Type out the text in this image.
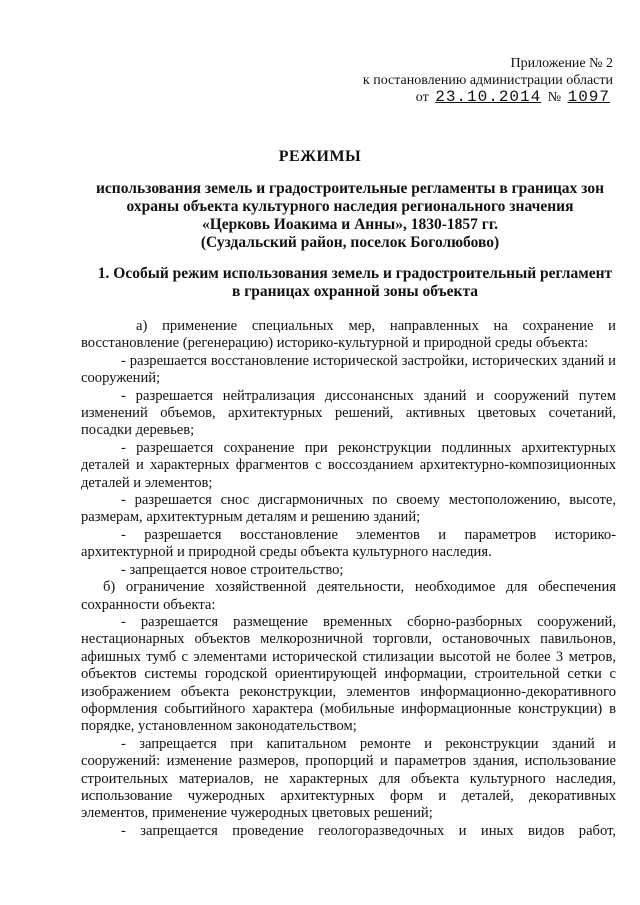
Приложение № 2
к постановлению администрации области
от 23.10.2014 № 1097
РЕЖИМЫ
использования земель и градостроительные регламенты в границах зон
охраны объекта культурного наследия регионального значения
«Церковь Иоакима и Анны», 1830-1857 гг.
(Суздальский район, поселок Боголюбово)
1. Особый режим использования земель и градостроительный регламент
в границах охранной зоны объекта

а) применение специальных мер, направленных на сохранение и восстановление (регенерацию) историко-культурной и природной среды объекта:

- разрешается восстановление исторической застройки, исторических зданий и сооружений;

- разрешается нейтрализация диссонансных зданий и сооружений путем изменений объемов, архитектурных решений, активных цветовых сочетаний, посадки деревьев;

- разрешается сохранение при реконструкции подлинных архитектурных деталей и характерных фрагментов с воссозданием архитектурно-композиционных деталей и элементов;

- разрешается снос дисгармоничных по своему местоположению, высоте, размерам, архитектурным деталям и решению зданий;

- разрешается восстановление элементов и параметров историко-архитектурной и природной среды объекта культурного наследия.

- запрещается новое строительство;

б) ограничение хозяйственной деятельности, необходимое для обеспечения сохранности объекта:

- разрешается размещение временных сборно-разборных сооружений, нестационарных объектов мелкорозничной торговли, остановочных павильонов, афишных тумб с элементами исторической стилизации высотой не более 3 метров, объектов системы городской ориентирующей информации, строительной сетки с изображением объекта реконструкции, элементов информационно-декоративного оформления событийного характера (мобильные информационные конструкции) в порядке, установленном законодательством;

- запрещается при капитальном ремонте и реконструкции зданий и сооружений: изменение размеров, пропорций и параметров здания, использование строительных материалов, не характерных для объекта культурного наследия, использование чужеродных архитектурных форм и деталей, декоративных элементов, применение чужеродных цветовых решений;

- запрещается проведение геологоразведочных и иных видов работ,
